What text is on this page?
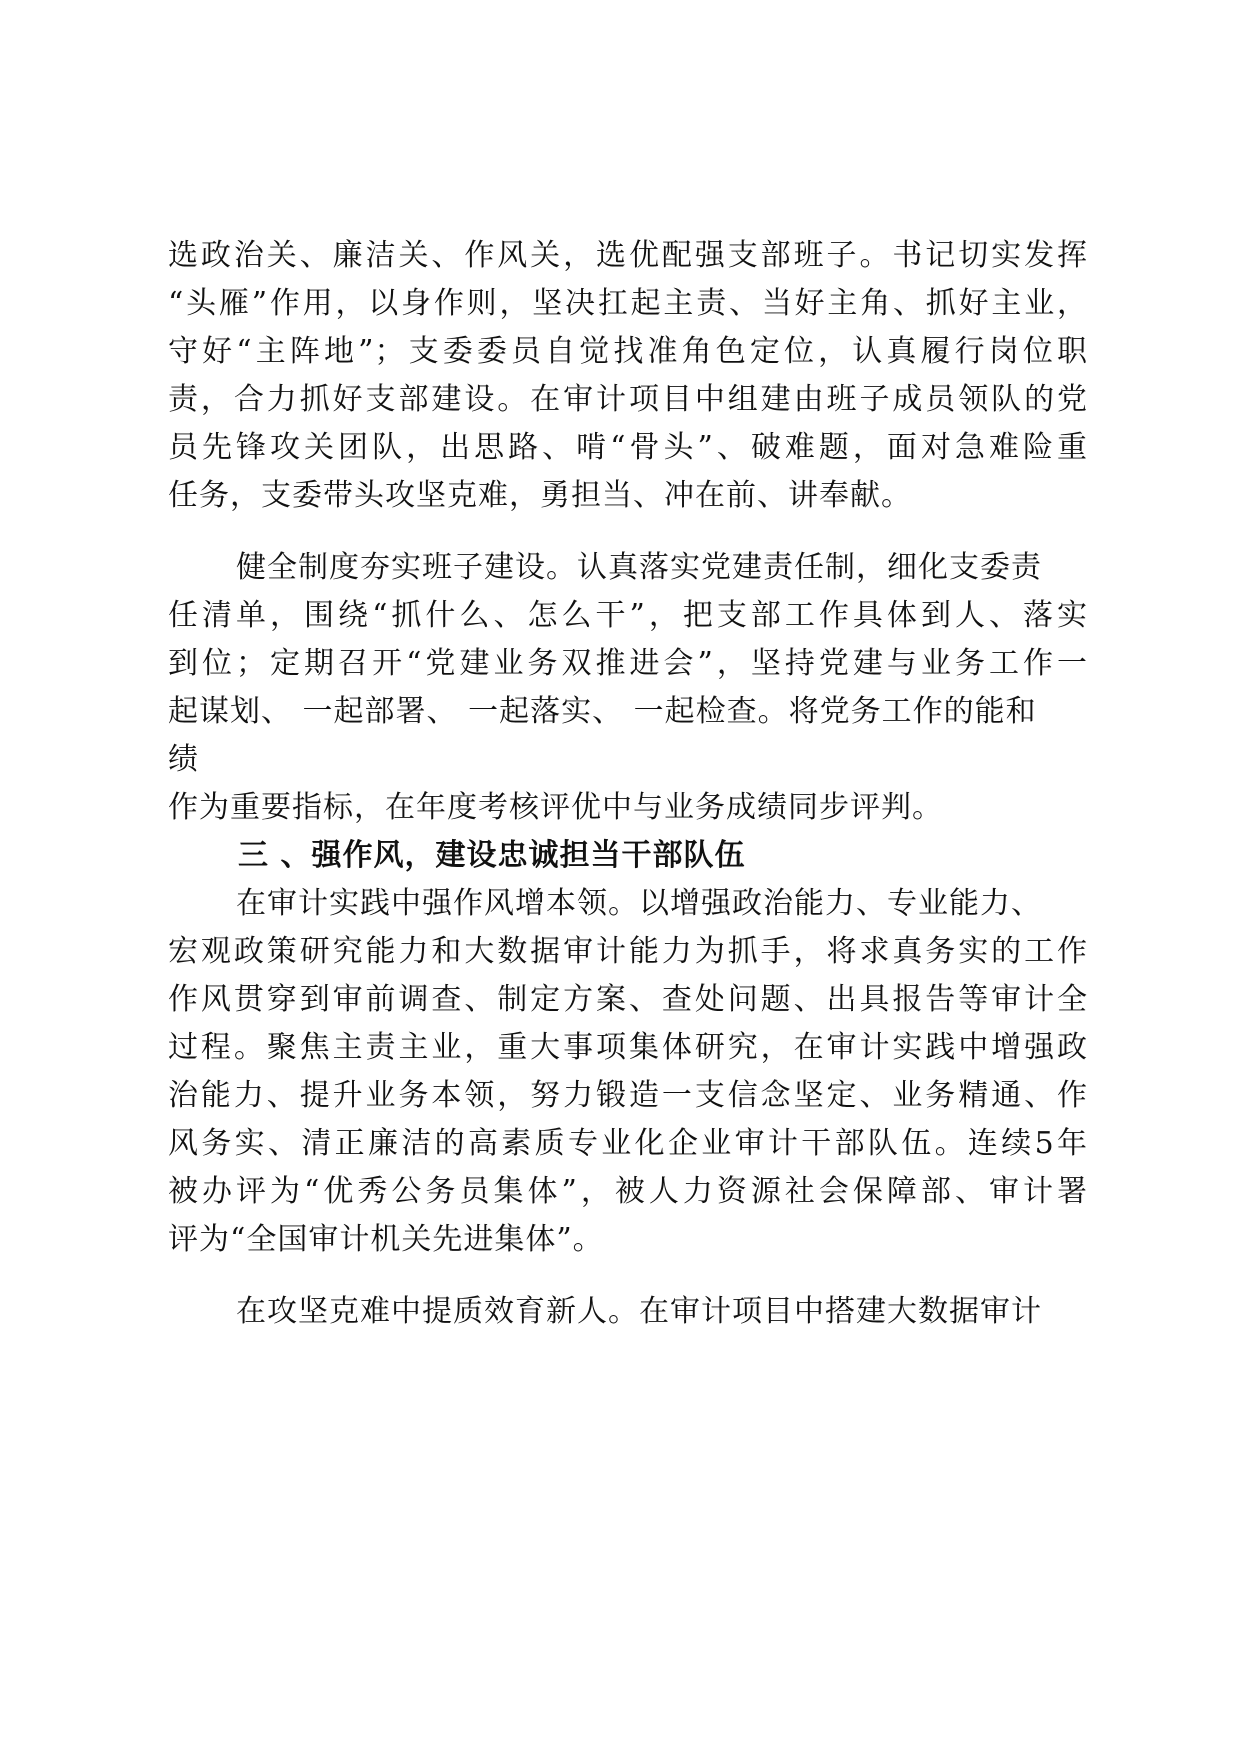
选政治关、廉洁关、作风关，选优配强支部班子。书记切实发挥
“头雁”作用，以身作则，坚决扛起主责、当好主角、抓好主业，
守好“主阵地”；支委委员自觉找准角色定位，认真履行岗位职
责，合力抓好支部建设。在审计项目中组建由班子成员领队的党
员先锋攻关团队，出思路、啃“骨头”、破难题，面对急难险重
任务，支委带头攻坚克难，勇担当、冲在前、讲奉献。
健全制度夯实班子建设。认真落实党建责任制，细化支委责
任清单，围绕“抓什么、怎么干”，把支部工作具体到人、落实
到位；定期召开“党建业务双推进会”，坚持党建与业务工作一
起谋划、 一起部署、 一起落实、 一起检查。将党务工作的能和
绩
作为重要指标，在年度考核评优中与业务成绩同步评判。
三 、强作风，建设忠诚担当干部队伍
在审计实践中强作风增本领。以增强政治能力、专业能力、
宏观政策研究能力和大数据审计能力为抓手，将求真务实的工作
作风贯穿到审前调查、制定方案、查处问题、出具报告等审计全
过程。聚焦主责主业，重大事项集体研究，在审计实践中增强政
治能力、提升业务本领，努力锻造一支信念坚定、业务精通、作
风务实、清正廉洁的高素质专业化企业审计干部队伍。连续5年
被办评为“优秀公务员集体”，被人力资源社会保障部、审计署
评为“全国审计机关先进集体”。
在攻坚克难中提质效育新人。在审计项目中搭建大数据审计
